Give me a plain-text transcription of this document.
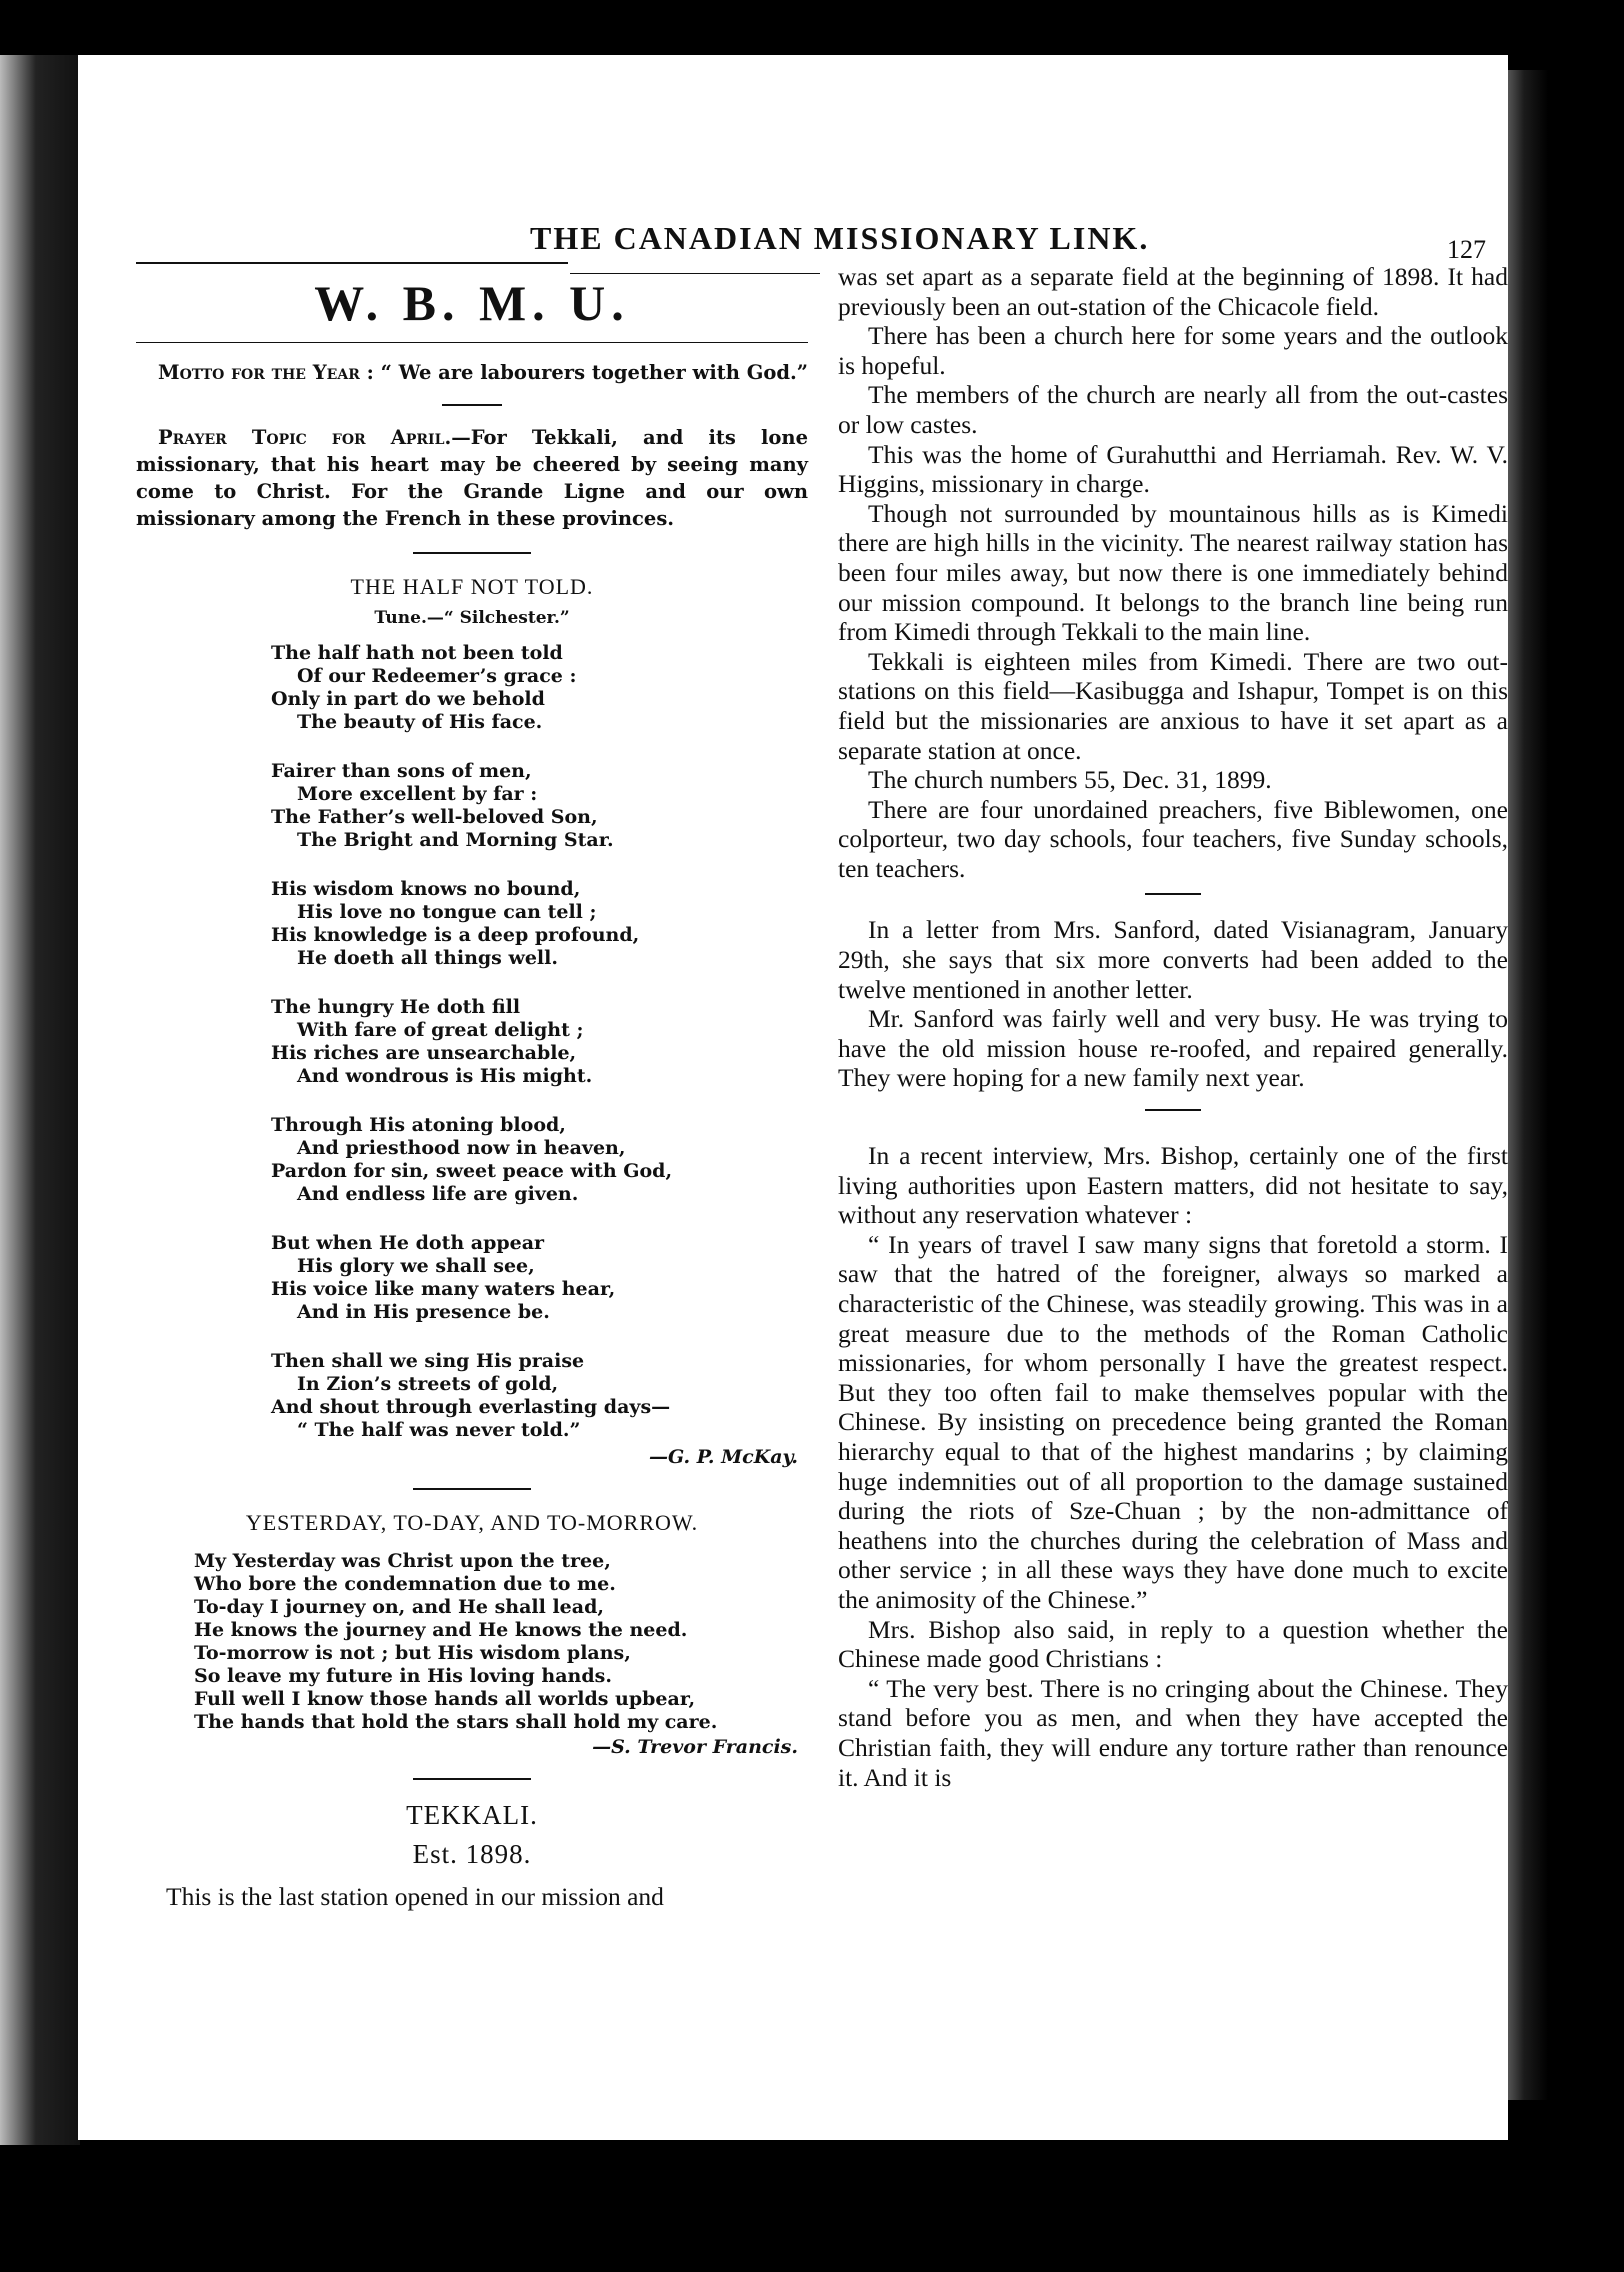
THE CANADIAN MISSIONARY LINK.	127
W. B. M. U.

Motto for the Year : “ We are labourers together with God.”

Prayer Topic for April.—For Tekkali, and its lone missionary, that his heart may be cheered by seeing many come to Christ. For the Grande Ligne and our own missionary among the French in these provinces.

THE HALF NOT TOLD.
Tune.—“ Silchester.”
The half hath not been told
Of our Redeemer’s grace :
Only in part do we behold
The beauty of His face.
Fairer than sons of men,
More excellent by far :
The Father’s well-beloved Son,
The Bright and Morning Star.
His wisdom knows no bound,
His love no tongue can tell ;
His knowledge is a deep profound,
He doeth all things well.
The hungry He doth fill
With fare of great delight ;
His riches are unsearchable,
And wondrous is His might.
Through His atoning blood,
And priesthood now in heaven,
Pardon for sin, sweet peace with God,
And endless life are given.
But when He doth appear
His glory we shall see,
His voice like many waters hear,
And in His presence be.
Then shall we sing His praise
In Zion’s streets of gold,
And shout through everlasting days—
“ The half was never told.”
—G. P. McKay.
YESTERDAY, TO-DAY, AND TO-MORROW.
My Yesterday was Christ upon the tree,
Who bore the condemnation due to me.
To-day I journey on, and He shall lead,
He knows the journey and He knows the need.
To-morrow is not ; but His wisdom plans,
So leave my future in His loving hands.
Full well I know those hands all worlds upbear,
The hands that hold the stars shall hold my care.
—S. Trevor Francis.
TEKKALI.
Est. 1898.

This is the last station opened in our mission and

was set apart as a separate field at the beginning of 1898. It had previously been an out-station of the Chicacole field.

There has been a church here for some years and the outlook is hopeful.

The members of the church are nearly all from the out-castes or low castes.

This was the home of Gurahutthi and Herriamah. Rev. W. V. Higgins, missionary in charge.

Though not surrounded by mountainous hills as is Kimedi there are high hills in the vicinity. The nearest railway station has been four miles away, but now there is one immediately behind our mission compound. It belongs to the branch line being run from Kimedi through Tekkali to the main line.

Tekkali is eighteen miles from Kimedi. There are two out-stations on this field—Kasibugga and Ishapur, Tompet is on this field but the missionaries are anxious to have it set apart as a separate station at once.

The church numbers 55, Dec. 31, 1899.

There are four unordained preachers, five Biblewomen, one colporteur, two day schools, four teachers, five Sunday schools, ten teachers.

In a letter from Mrs. Sanford, dated Visianagram, January 29th, she says that six more converts had been added to the twelve mentioned in another letter.

Mr. Sanford was fairly well and very busy. He was trying to have the old mission house re-roofed, and repaired generally. They were hoping for a new family next year.

In a recent interview, Mrs. Bishop, certainly one of the first living authorities upon Eastern matters, did not hesitate to say, without any reservation whatever :

“ In years of travel I saw many signs that foretold a storm. I saw that the hatred of the foreigner, always so marked a characteristic of the Chinese, was steadily growing. This was in a great measure due to the methods of the Roman Catholic missionaries, for whom personally I have the greatest respect. But they too often fail to make themselves popular with the Chinese. By insisting on precedence being granted the Roman hierarchy equal to that of the highest mandarins ; by claiming huge indemnities out of all proportion to the damage sustained during the riots of Sze-Chuan ; by the non-admittance of heathens into the churches during the celebration of Mass and other service ; in all these ways they have done much to excite the animosity of the Chinese.”

Mrs. Bishop also said, in reply to a question whether the Chinese made good Christians :

“ The very best. There is no cringing about the Chinese. They stand before you as men, and when they have accepted the Christian faith, they will endure any torture rather than renounce it. And it is
